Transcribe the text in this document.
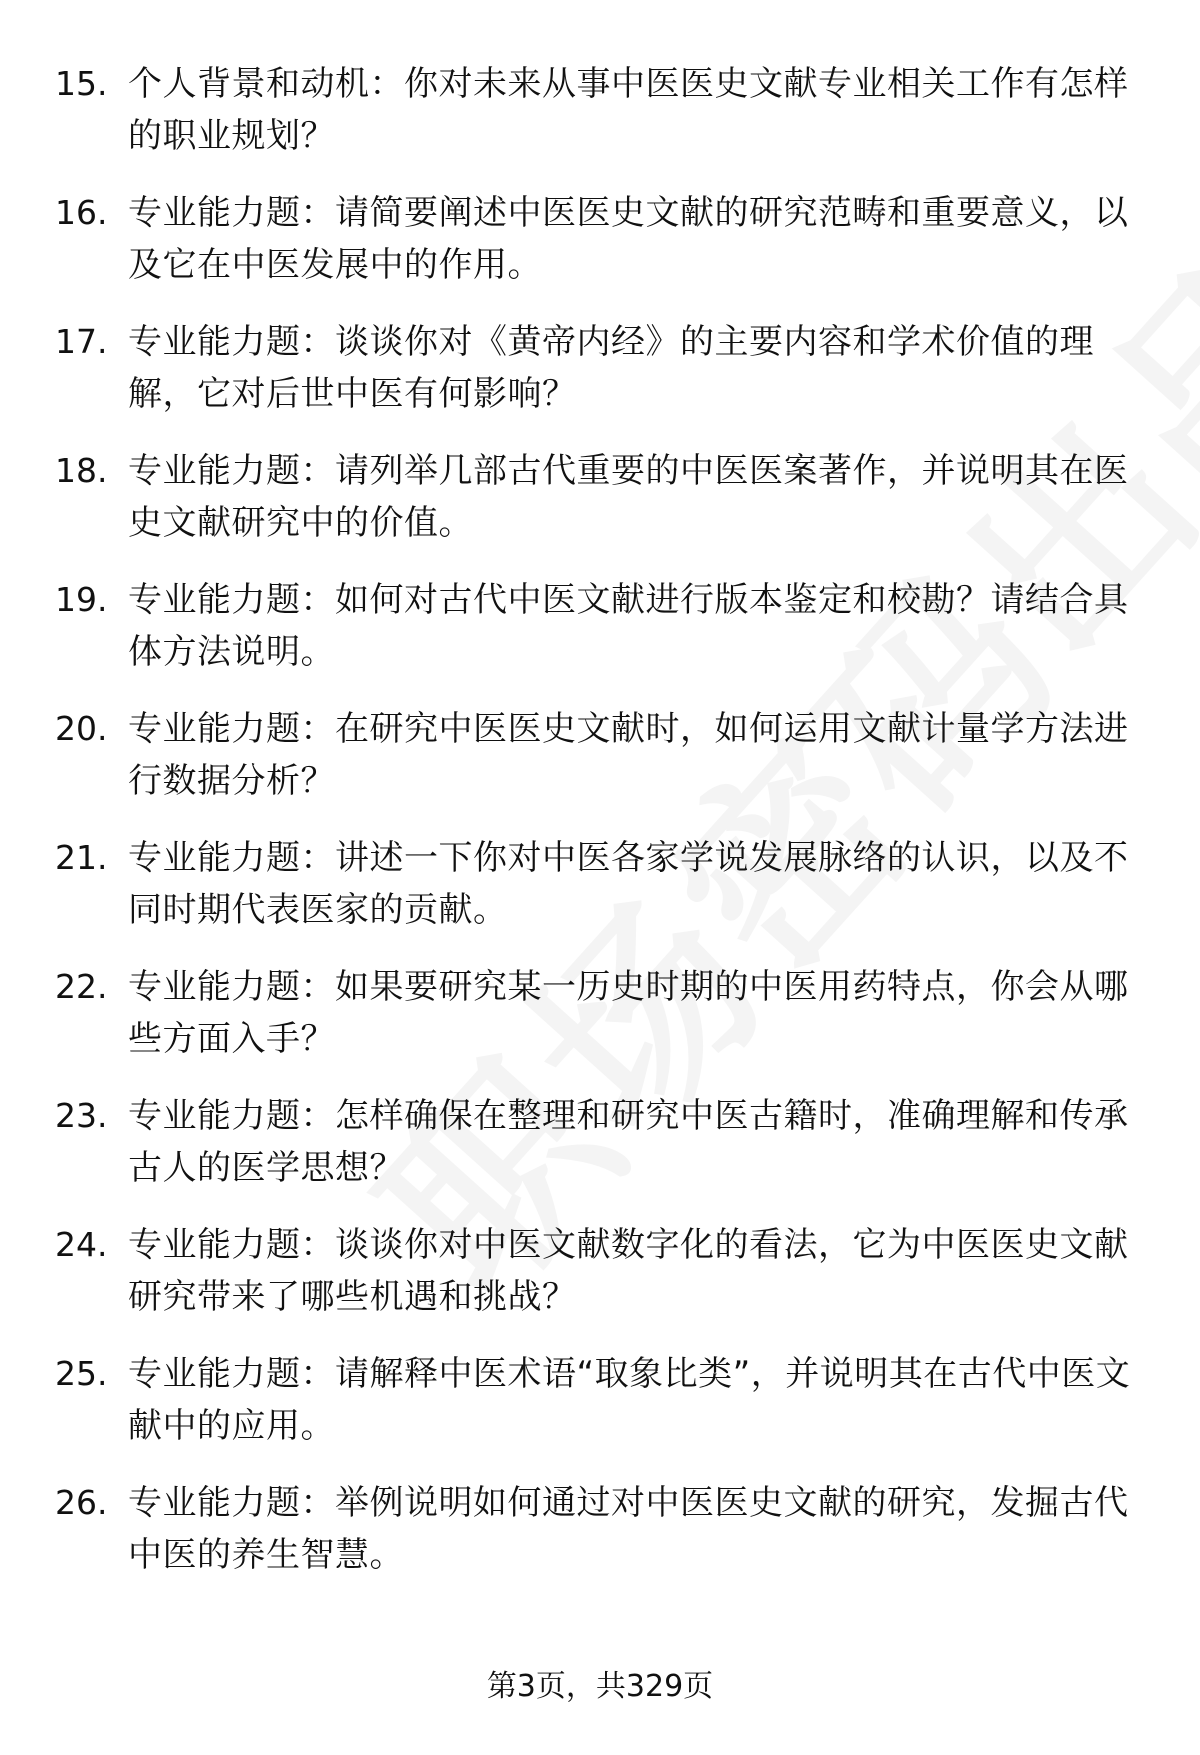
15. 个人背景和动机：你对未来从事中医医史文献专业相关工作有怎样的职业规划？
16. 专业能力题：请简要阐述中医医史文献的研究范畴和重要意义，以及它在中医发展中的作用。
17. 专业能力题：谈谈你对《黄帝内经》的主要内容和学术价值的理解，它对后世中医有何影响？
18. 专业能力题：请列举几部古代重要的中医医案著作，并说明其在医史文献研究中的价值。
19. 专业能力题：如何对古代中医文献进行版本鉴定和校勘？请结合具体方法说明。
20. 专业能力题：在研究中医医史文献时，如何运用文献计量学方法进行数据分析？
21. 专业能力题：讲述一下你对中医各家学说发展脉络的认识，以及不同时期代表医家的贡献。
22. 专业能力题：如果要研究某一历史时期的中医用药特点，你会从哪些方面入手？
23. 专业能力题：怎样确保在整理和研究中医古籍时，准确理解和传承古人的医学思想？
24. 专业能力题：谈谈你对中医文献数字化的看法，它为中医医史文献研究带来了哪些机遇和挑战？
25. 专业能力题：请解释中医术语“取象比类”，并说明其在古代中医文献中的应用。
26. 专业能力题：举例说明如何通过对中医医史文献的研究，发掘古代中医的养生智慧。
第3页，共329页
